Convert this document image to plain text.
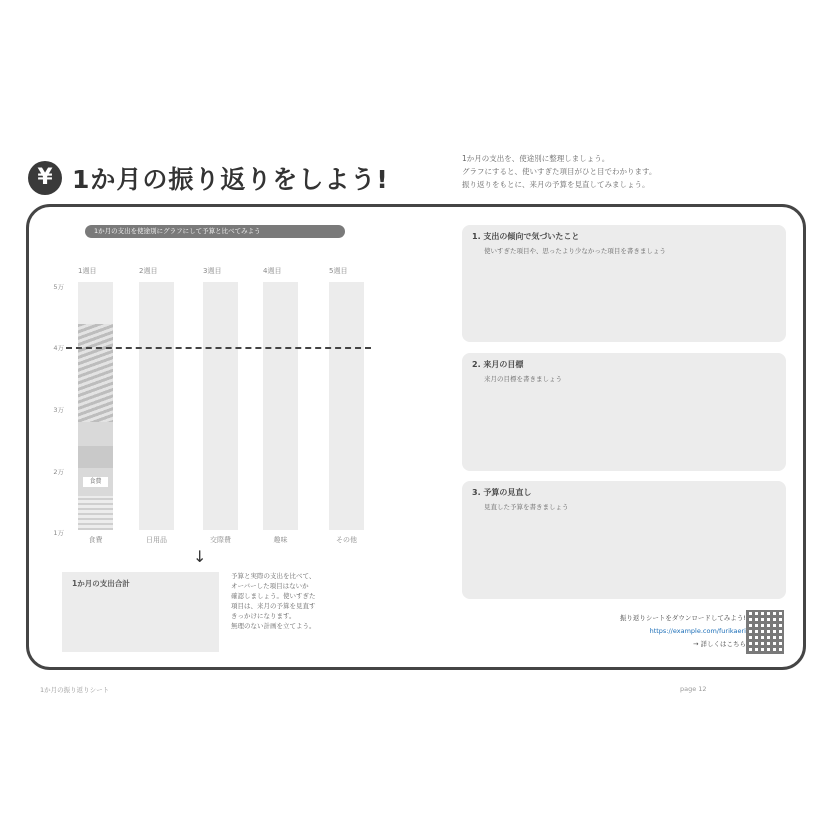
¥ 1か月の振り返りをしよう!
1か月の支出を、使途別に整理しましょう。
グラフにすると、使いすぎた項目がひと目でわかります。
振り返りをもとに、来月の予算を見直してみましょう。
1か月の支出を使途別にグラフにして予算と比べてみよう
5万
4万
3万
2万
1万
1週目	2週目	3週目	4週目	5週目
食費
食費	日用品	交際費	趣味	その他
↓
1か月の支出合計
予算と実際の支出を比べて、
オーバーした項目はないか
確認しましょう。使いすぎた
項目は、来月の予算を見直す
きっかけになります。
無理のない計画を立てよう。
1. 支出の傾向で気づいたこと
使いすぎた項目や、思ったより少なかった項目を書きましょう
2. 来月の目標
来月の目標を書きましょう
3. 予算の見直し
見直した予算を書きましょう
振り返りシートをダウンロードしてみよう!
https://example.com/furikaeri
→ 詳しくはこちら
1か月の振り返りシート	page 12
